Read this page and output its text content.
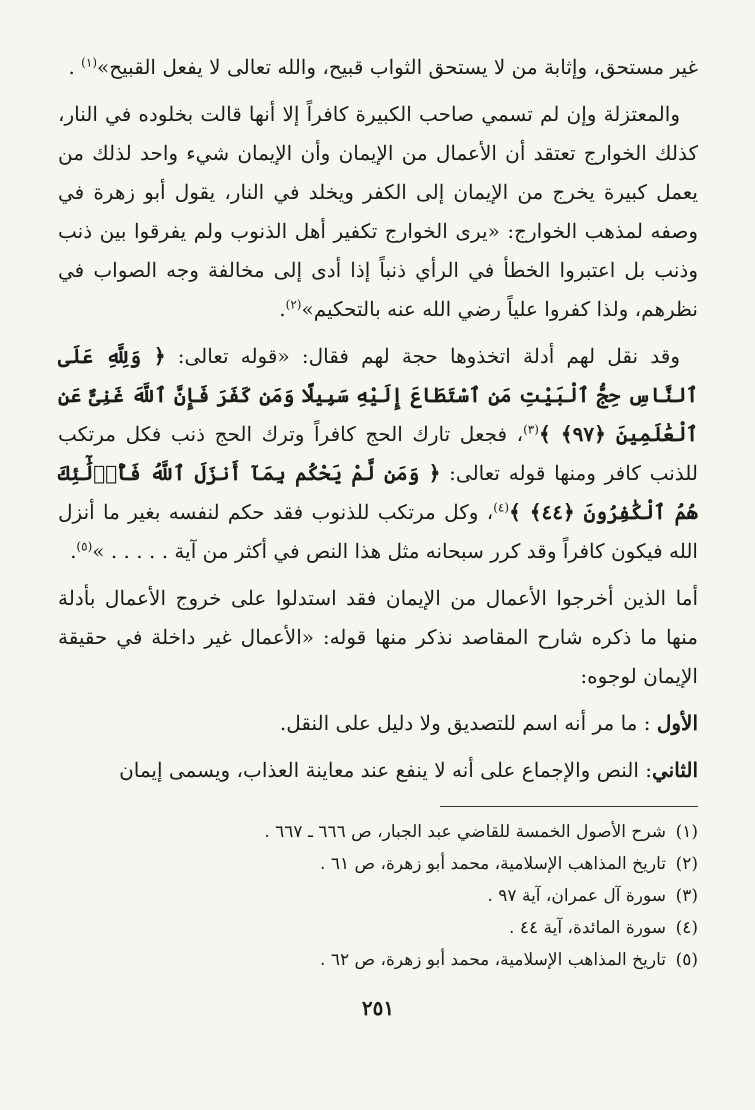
غير مستحق، وإثابة من لا يستحق الثواب قبيح، والله تعالى لا يفعل القبيح»$^{(١)}$ .

والمعتزلة وإن لم تسمي صاحب الكبيرة كافراً إلا أنها قالت بخلوده في النار، كذلك الخوارج تعتقد أن الأعمال من الإيمان وأن الإيمان شيء واحد لذلك من يعمل كبيرة يخرج من الإيمان إلى الكفر ويخلد في النار، يقول أبو زهرة في وصفه لمذهب الخوارج: «يرى الخوارج تكفير أهل الذنوب ولم يفرقوا بين ذنب وذنب بل اعتبروا الخطأ في الرأي ذنباً إذا أدى إلى مخالفة وجه الصواب في نظرهم، ولذا كفروا علياً رضي الله عنه بالتحكيم»$^{(٢)}$.

وقد نقل لهم أدلة اتخذوها حجة لهم فقال: «قوله تعالى: ﴿ وَلِلَّهِ عَلَى ٱلنَّاسِ حِجُّ ٱلْبَيْتِ مَنِ ٱسْتَطَاعَ إِلَيْهِ سَبِيلًا وَمَن كَفَرَ فَإِنَّ ٱللَّهَ غَنِىٌّ عَنِ ٱلْعَٰلَمِينَ ﴿٩٧﴾ ﴾$^{(٣)}$، فجعل تارك الحج كافراً وترك الحج ذنب فكل مرتكب للذنب كافر ومنها قوله تعالى: ﴿ وَمَن لَّمْ يَحْكُم بِمَآ أَنزَلَ ٱللَّهُ فَأُو۟لَٰٓئِكَ هُمُ ٱلْكَٰفِرُونَ ﴿٤٤﴾ ﴾$^{(٤)}$، وكل مرتكب للذنوب فقد حكم لنفسه بغير ما أنزل الله فيكون كافراً وقد كرر سبحانه مثل هذا النص في أكثر من آية . . . . . »$^{(٥)}$.

أما الذين أخرجوا الأعمال من الإيمان فقد استدلوا على خروج الأعمال بأدلة منها ما ذكره شارح المقاصد نذكر منها قوله: «الأعمال غير داخلة في حقيقة الإيمان لوجوه:

الأول : ما مر أنه اسم للتصديق ولا دليل على النقل.

الثاني: النص والإجماع على أنه لا ينفع عند معاينة العذاب، ويسمى إيمان

(١)
شرح الأصول الخمسة للقاضي عبد الجبار، ص ٦٦٦ ـ ٦٦٧ .
(٢)
تاريخ المذاهب الإسلامية، محمد أبو زهرة، ص ٦١ .
(٣)
سورة آل عمران، آية ٩٧ .
(٤)
سورة المائدة، آية ٤٤ .
(٥)
تاريخ المذاهب الإسلامية، محمد أبو زهرة، ص ٦٢ .
٢٥١
